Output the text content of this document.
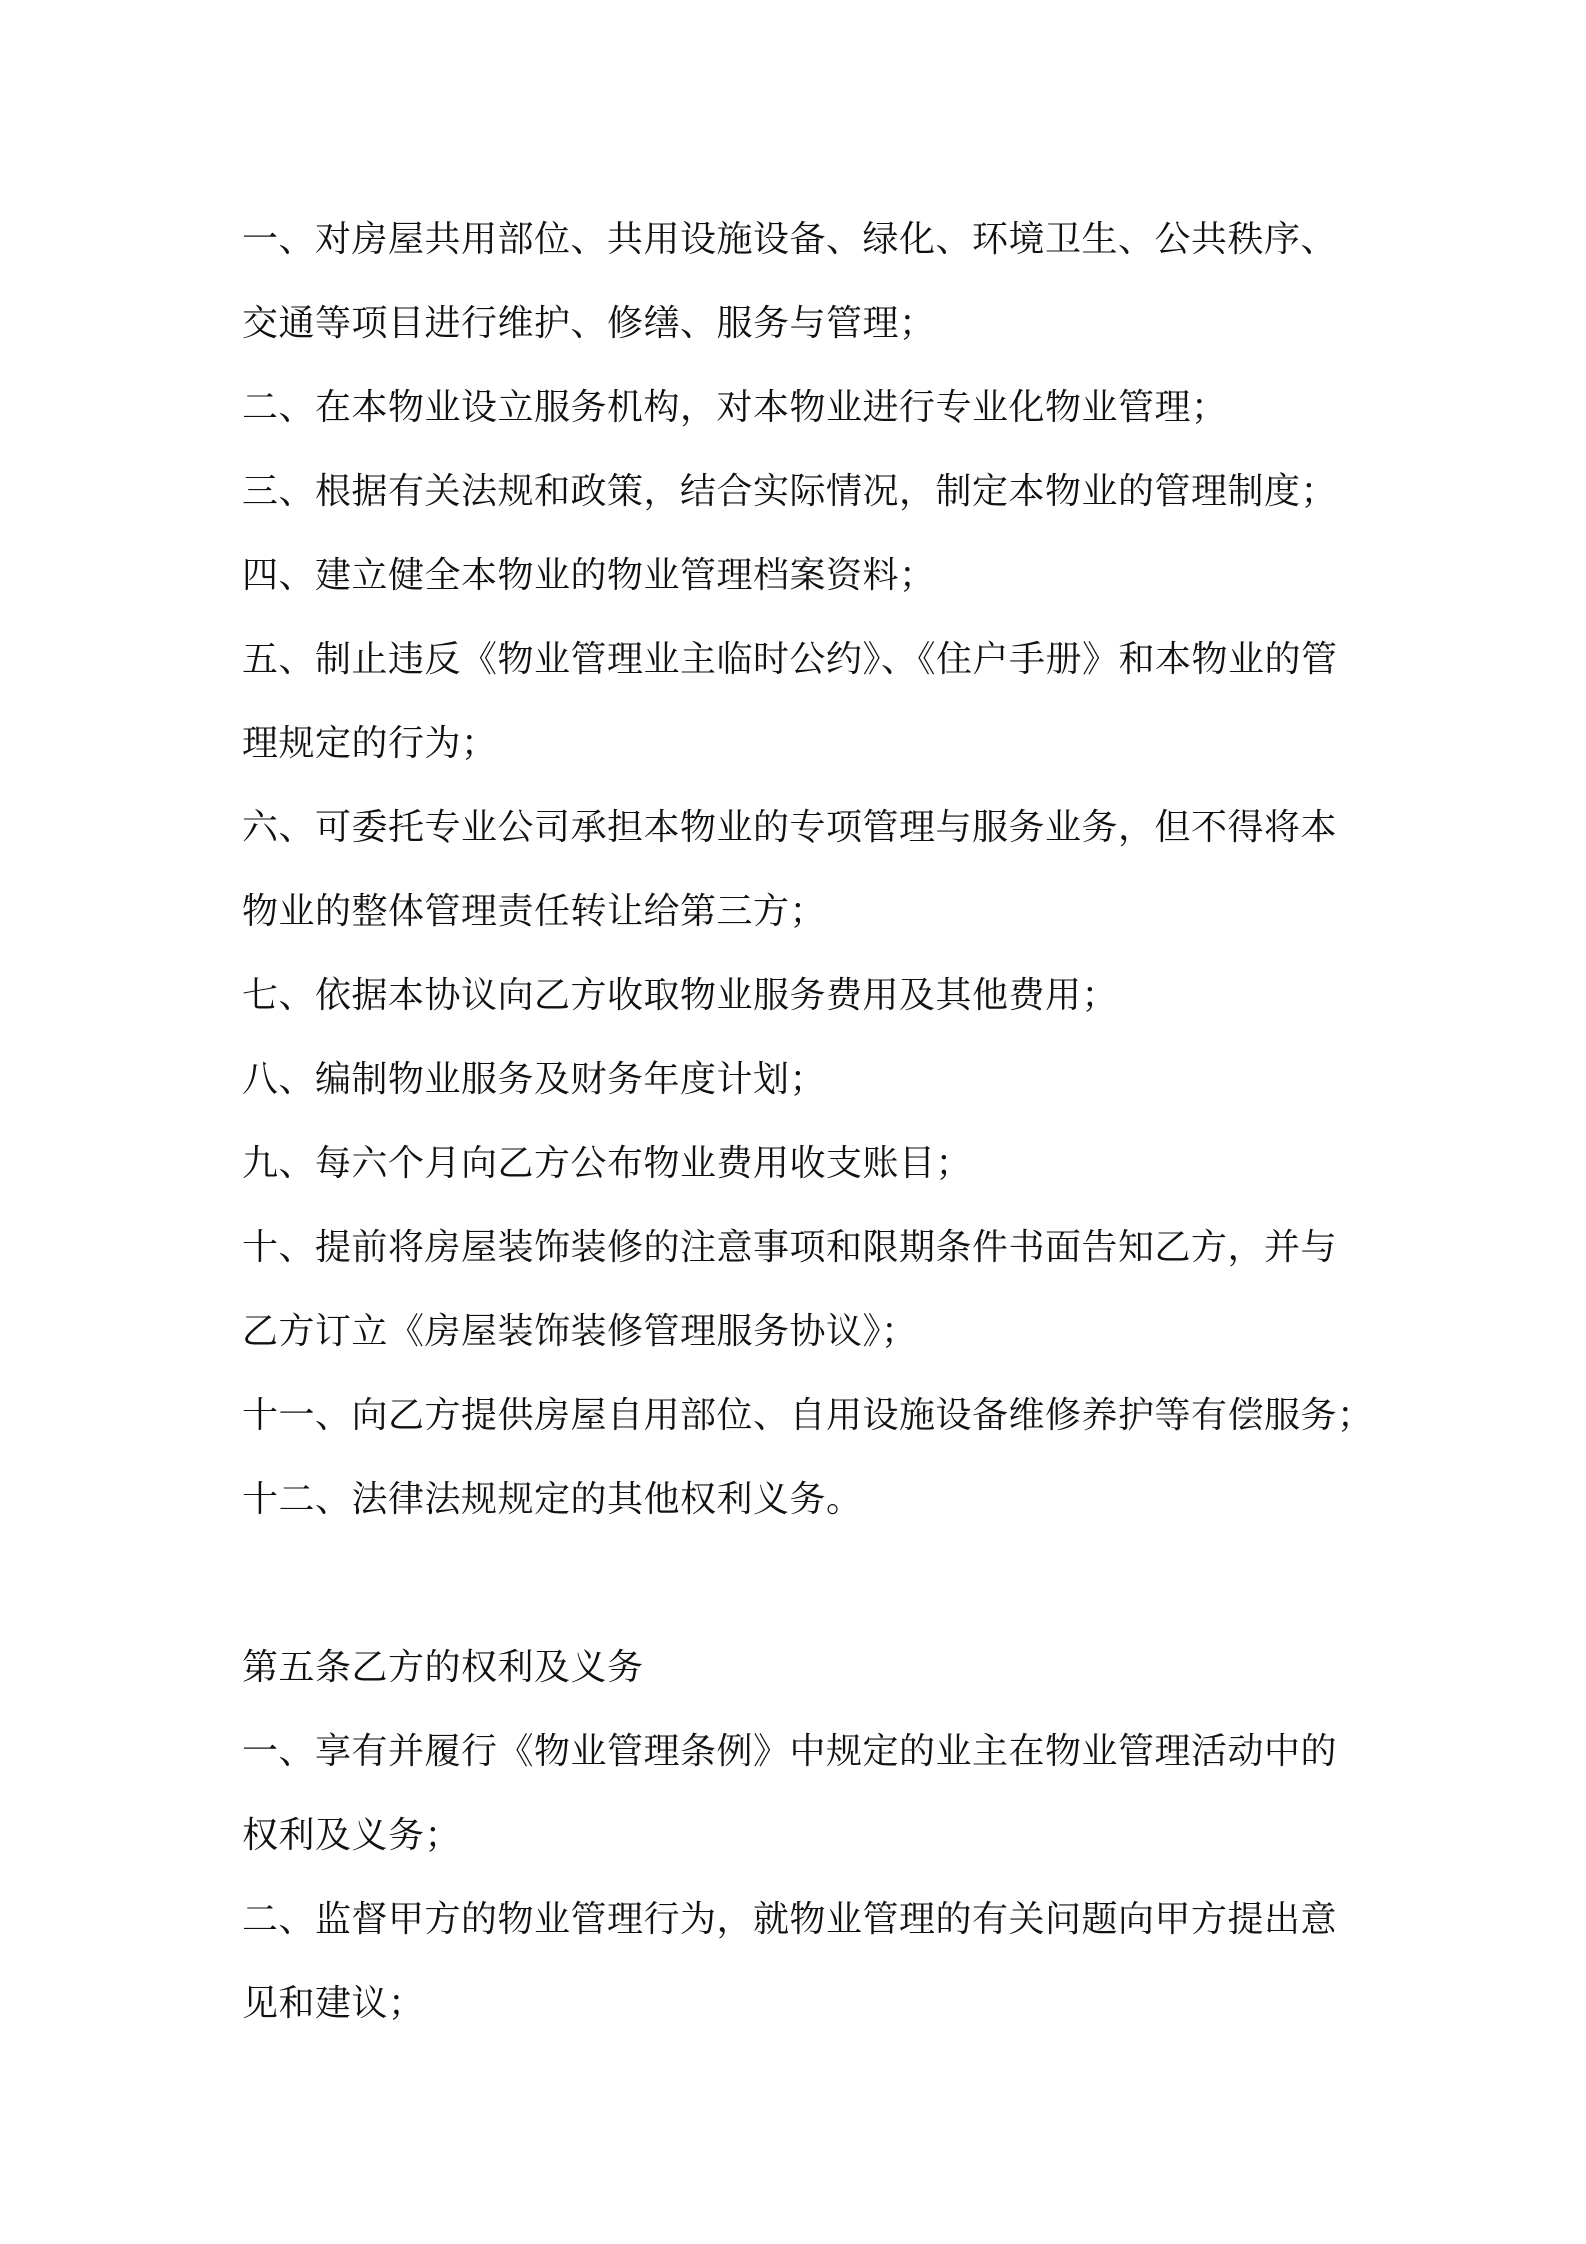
一、对房屋共用部位、共用设施设备、绿化、环境卫生、公共秩序、
交通等项目进行维护、修缮、服务与管理；
二、在本物业设立服务机构，对本物业进行专业化物业管理；
三、根据有关法规和政策，结合实际情况，制定本物业的管理制度；
四、建立健全本物业的物业管理档案资料；
五、制止违反《物业管理业主临时公约》、《住户手册》和本物业的管
理规定的行为；
六、可委托专业公司承担本物业的专项管理与服务业务，但不得将本
物业的整体管理责任转让给第三方；
七、依据本协议向乙方收取物业服务费用及其他费用；
八、编制物业服务及财务年度计划；
九、每六个月向乙方公布物业费用收支账目；
十、提前将房屋装饰装修的注意事项和限期条件书面告知乙方，并与
乙方订立《房屋装饰装修管理服务协议》；
十一、向乙方提供房屋自用部位、自用设施设备维修养护等有偿服务；
十二、法律法规规定的其他权利义务。
第五条乙方的权利及义务
一、享有并履行《物业管理条例》中规定的业主在物业管理活动中的
权利及义务；
二、监督甲方的物业管理行为，就物业管理的有关问题向甲方提出意
见和建议；
